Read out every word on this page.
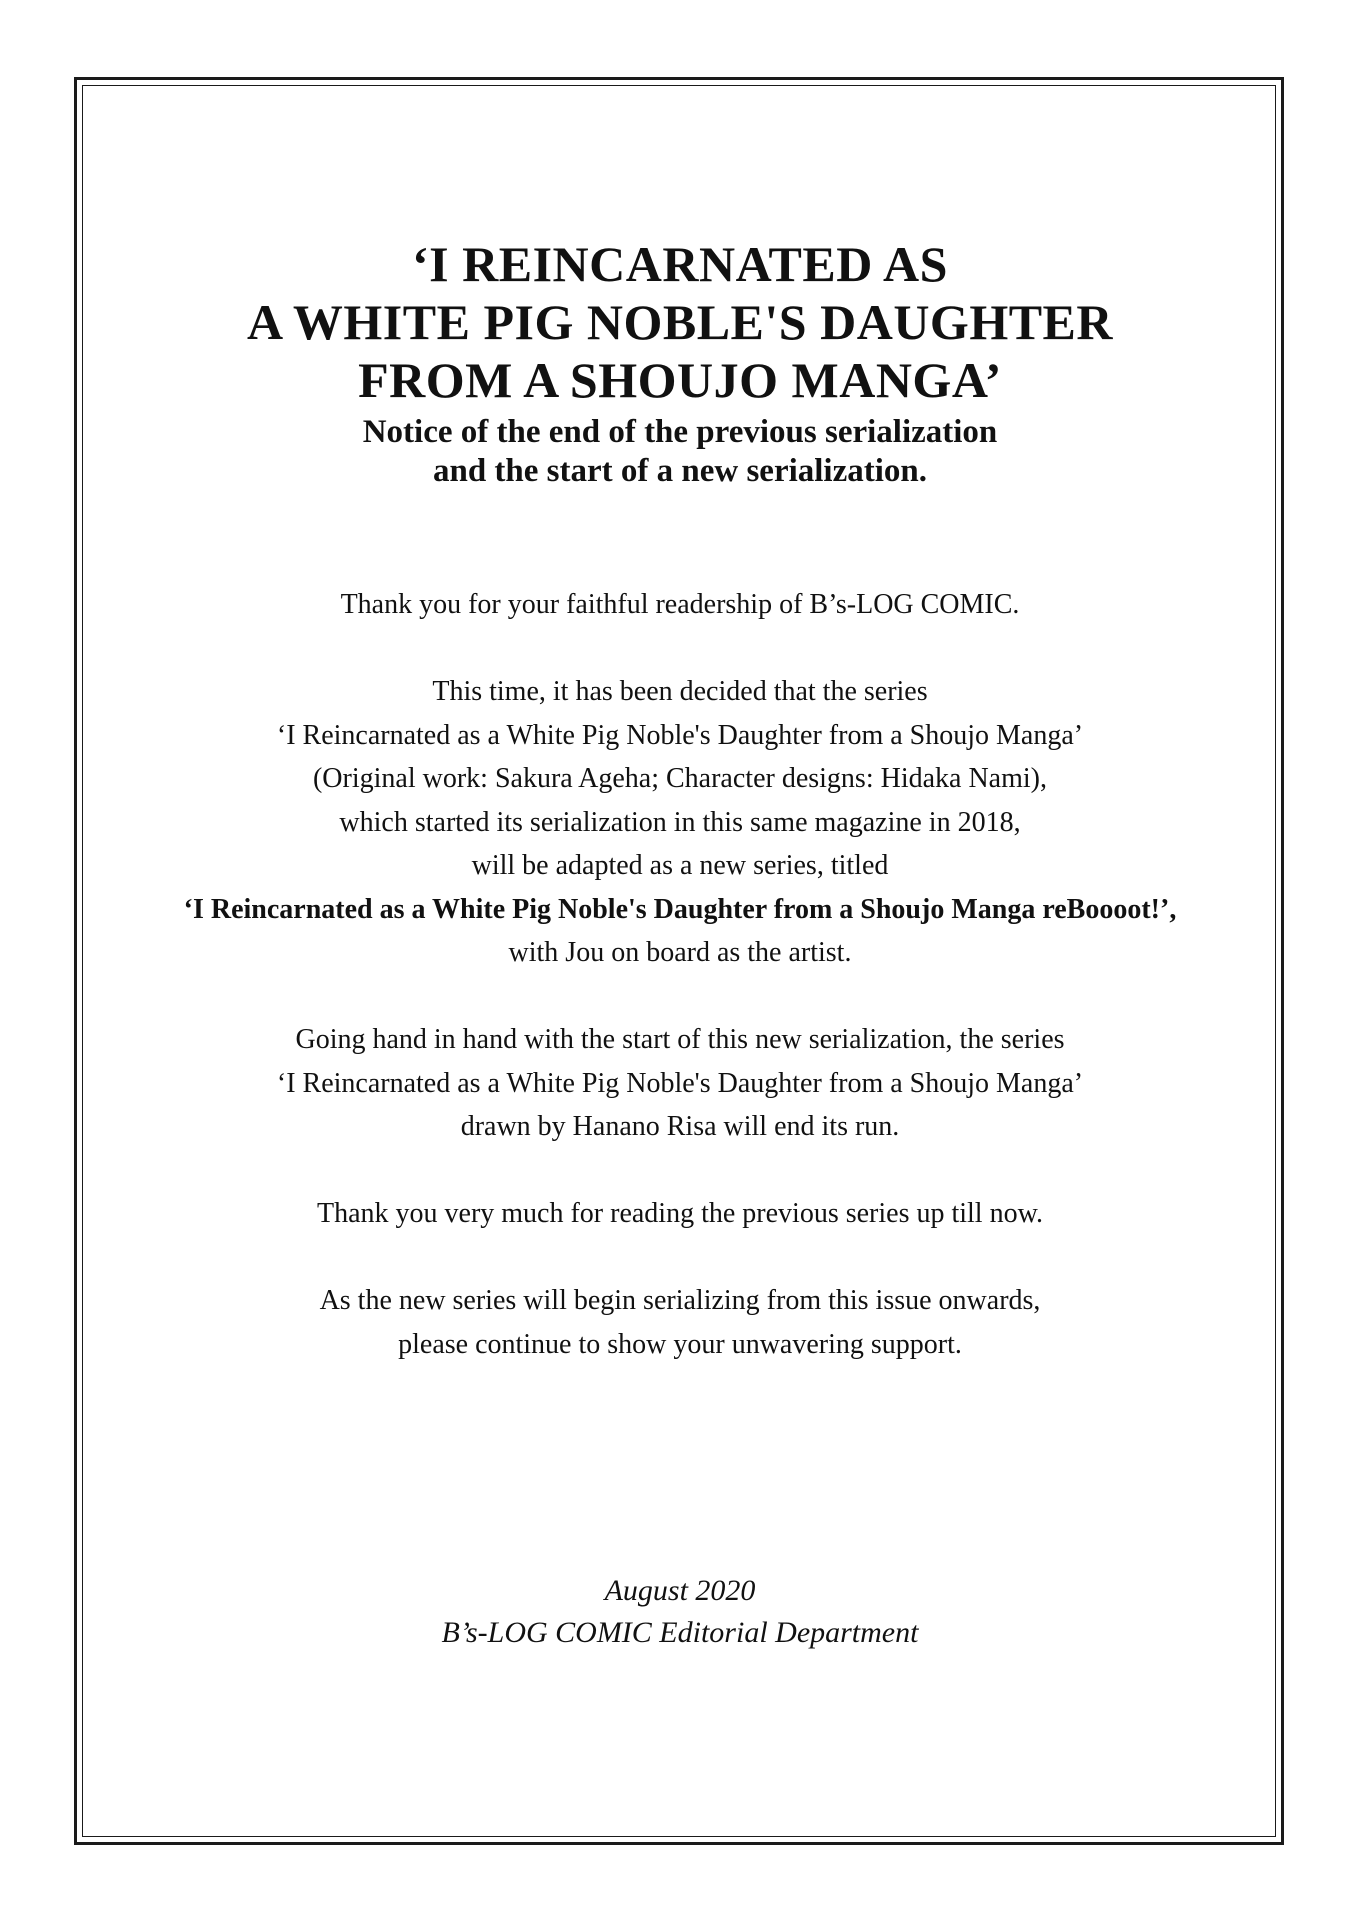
‘I REINCARNATED AS
A WHITE PIG NOBLE'S DAUGHTER
FROM A SHOUJO MANGA’
Notice of the end of the previous serialization
and the start of a new serialization.

Thank you for your faithful readership of B’s-LOG COMIC.

This time, it has been decided that the series
‘I Reincarnated as a White Pig Noble's Daughter from a Shoujo Manga’
(Original work: Sakura Ageha; Character designs: Hidaka Nami),
which started its serialization in this same magazine in 2018,
will be adapted as a new series, titled
‘I Reincarnated as a White Pig Noble's Daughter from a Shoujo Manga reBoooot!’,
with Jou on board as the artist.

Going hand in hand with the start of this new serialization, the series
‘I Reincarnated as a White Pig Noble's Daughter from a Shoujo Manga’
drawn by Hanano Risa will end its run.

Thank you very much for reading the previous series up till now.

As the new series will begin serializing from this issue onwards,
please continue to show your unwavering support.

August 2020
B’s-LOG COMIC Editorial Department
